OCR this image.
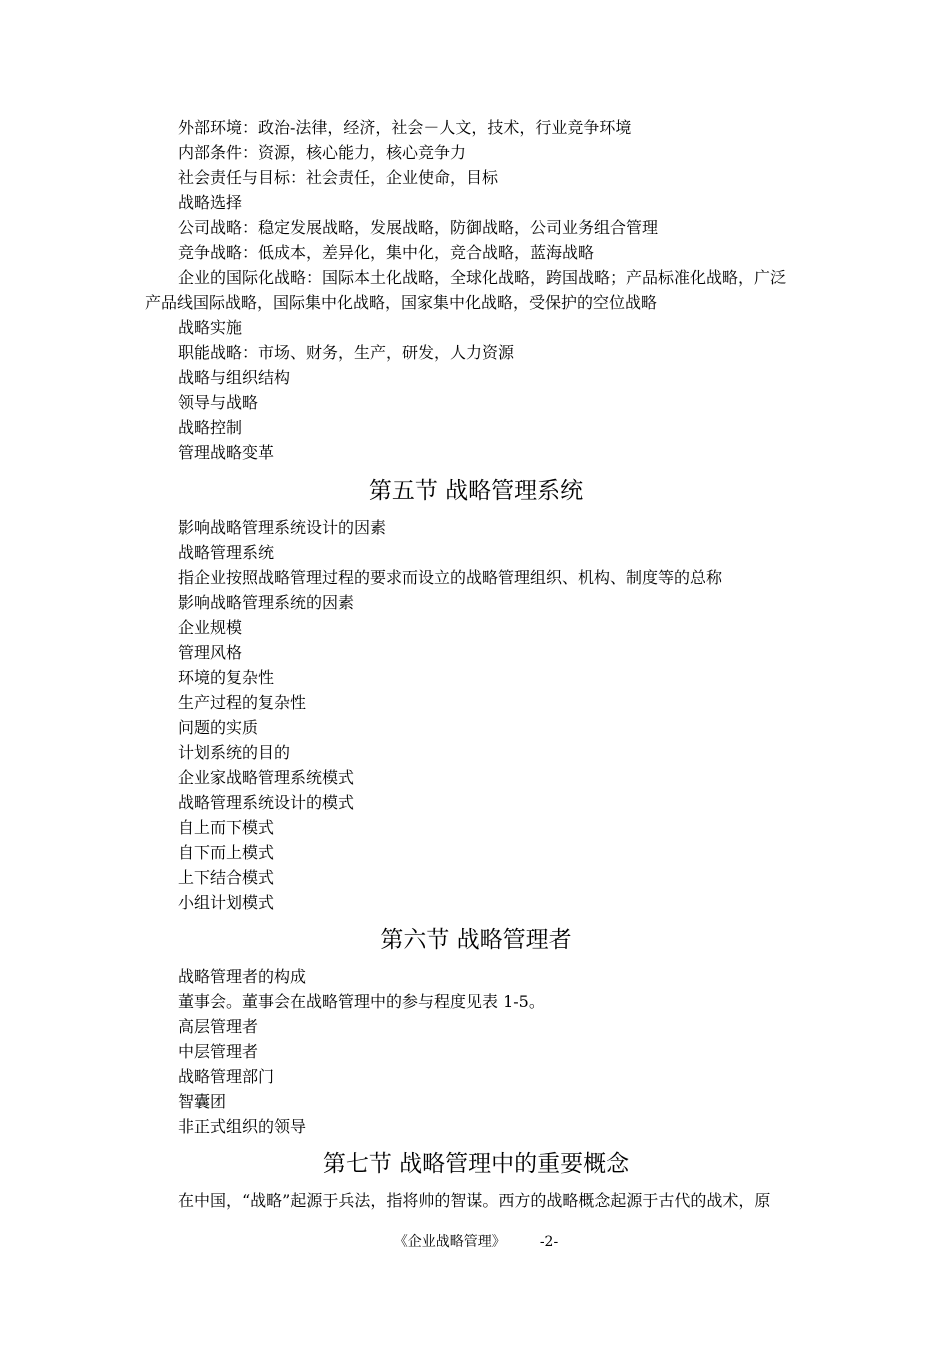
外部环境：政治-法律，经济，社会－人文，技术，行业竞争环境

内部条件：资源，核心能力，核心竞争力

社会责任与目标：社会责任，企业使命，目标

战略选择

公司战略：稳定发展战略，发展战略，防御战略，公司业务组合管理

竞争战略：低成本，差异化，集中化，竞合战略，蓝海战略

企业的国际化战略：国际本土化战略，全球化战略，跨国战略；产品标准化战略，广泛

产品线国际战略，国际集中化战略，国家集中化战略，受保护的空位战略

战略实施

职能战略：市场、财务，生产，研发，人力资源

战略与组织结构

领导与战略

战略控制

管理战略变革

第五节 战略管理系统

影响战略管理系统设计的因素

战略管理系统

指企业按照战略管理过程的要求而设立的战略管理组织、机构、制度等的总称

影响战略管理系统的因素

企业规模

管理风格

环境的复杂性

生产过程的复杂性

问题的实质

计划系统的目的

企业家战略管理系统模式

战略管理系统设计的模式

自上而下模式

自下而上模式

上下结合模式

小组计划模式

第六节 战略管理者

战略管理者的构成

董事会。董事会在战略管理中的参与程度见表 1-5。

高层管理者

中层管理者

战略管理部门

智囊团

非正式组织的领导

第七节 战略管理中的重要概念

在中国，“战略”起源于兵法，指将帅的智谋。西方的战略概念起源于古代的战术，原

《企业战略管理》 -2-
